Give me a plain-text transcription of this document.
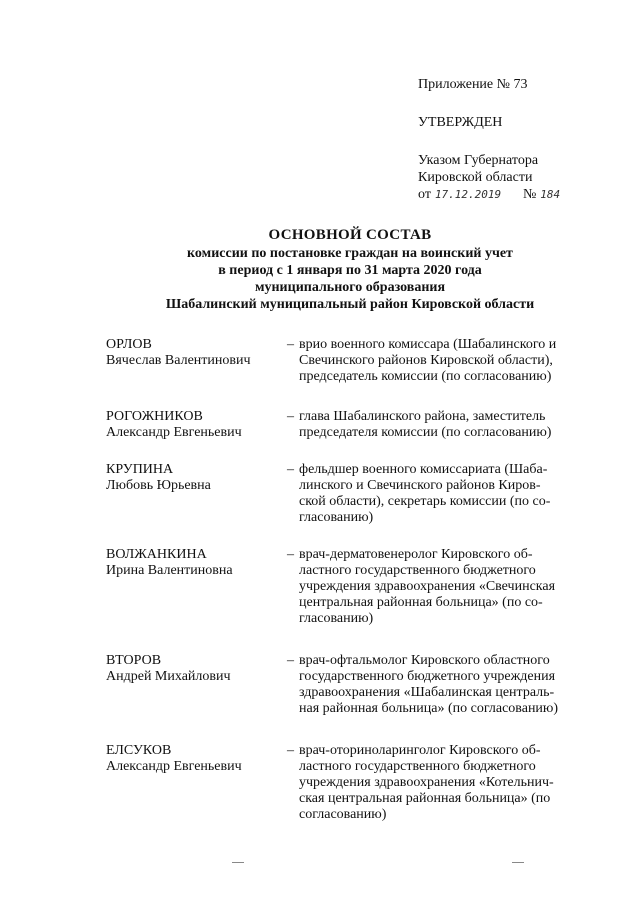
Приложение № 73
УТВЕРЖДЕН
Указом Губернатора
Кировской области
от 17.12.2019	№ 184
ОСНОВНОЙ СОСТАВ
комиссии по постановке граждан на воинский учет
в период с 1 января по 31 марта 2020 года
муниципального образования
Шабалинский муниципальный район Кировской области
ОРЛОВ
Вячеслав Валентинович
– врио военного комиссара (Шабалинского и
Свечинского районов Кировской области),
председатель комиссии (по согласованию)
РОГОЖНИКОВ
Александр Евгеньевич
– глава Шабалинского района, заместитель
председателя комиссии (по согласованию)
КРУПИНА
Любовь Юрьевна
– фельдшер военного комиссариата (Шаба-
линского и Свечинского районов Киров-
ской области), секретарь комиссии (по со-
гласованию)
ВОЛЖАНКИНА
Ирина Валентиновна
– врач-дерматовенеролог Кировского об-
ластного государственного бюджетного
учреждения здравоохранения «Свечинская
центральная районная больница» (по со-
гласованию)
ВТОРОВ
Андрей Михайлович
– врач-офтальмолог Кировского областного
государственного бюджетного учреждения
здравоохранения «Шабалинская централь-
ная районная больница» (по согласованию)
ЕЛСУКОВ
Александр Евгеньевич
– врач-оториноларинголог Кировского об-
ластного государственного бюджетного
учреждения здравоохранения «Котельнич-
ская центральная районная больница» (по
согласованию)
